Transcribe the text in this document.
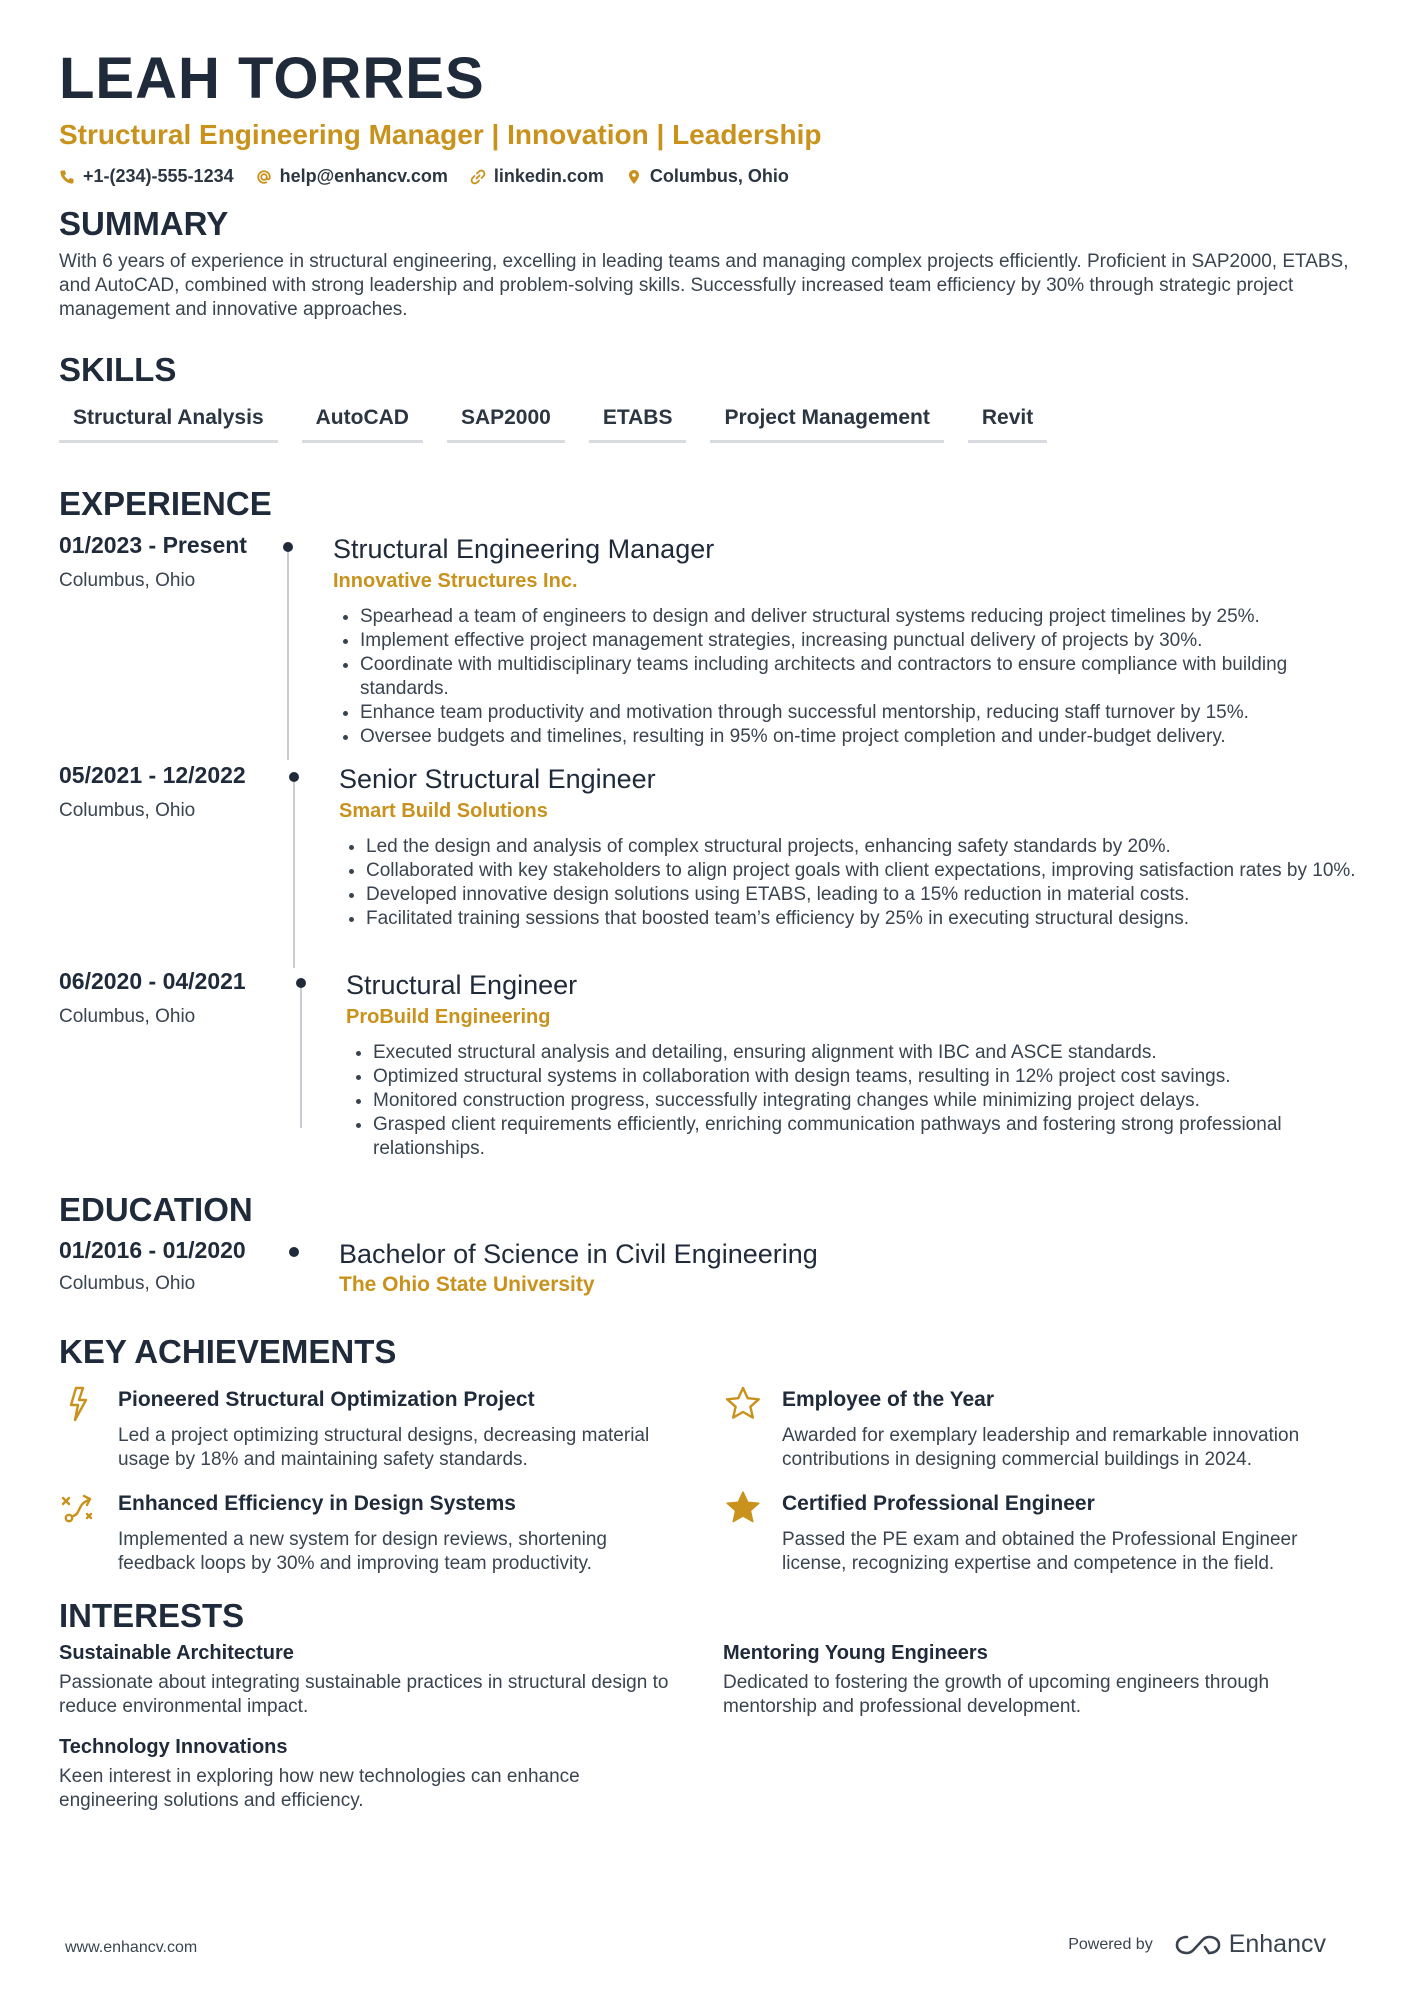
LEAH TORRES
Structural Engineering Manager | Innovation | Leadership
+1-(234)-555-1234	help@enhancv.com	linkedin.com	Columbus, Ohio
SUMMARY
With 6 years of experience in structural engineering, excelling in leading teams and managing complex projects efficiently. Proficient in SAP2000, ETABS, and AutoCAD, combined with strong leadership and problem-solving skills. Successfully increased team efficiency by 30% through strategic project management and innovative approaches.
SKILLS
Structural Analysis	AutoCAD	SAP2000	ETABS	Project Management	Revit
EXPERIENCE
01/2023 - Present
Columbus, Ohio
Structural Engineering Manager
Innovative Structures Inc.
• Spearhead a team of engineers to design and deliver structural systems reducing project timelines by 25%.
• Implement effective project management strategies, increasing punctual delivery of projects by 30%.
• Coordinate with multidisciplinary teams including architects and contractors to ensure compliance with building standards.
• Enhance team productivity and motivation through successful mentorship, reducing staff turnover by 15%.
• Oversee budgets and timelines, resulting in 95% on-time project completion and under-budget delivery.
05/2021 - 12/2022
Columbus, Ohio
Senior Structural Engineer
Smart Build Solutions
• Led the design and analysis of complex structural projects, enhancing safety standards by 20%.
• Collaborated with key stakeholders to align project goals with client expectations, improving satisfaction rates by 10%.
• Developed innovative design solutions using ETABS, leading to a 15% reduction in material costs.
• Facilitated training sessions that boosted team’s efficiency by 25% in executing structural designs.
06/2020 - 04/2021
Columbus, Ohio
Structural Engineer
ProBuild Engineering
• Executed structural analysis and detailing, ensuring alignment with IBC and ASCE standards.
• Optimized structural systems in collaboration with design teams, resulting in 12% project cost savings.
• Monitored construction progress, successfully integrating changes while minimizing project delays.
• Grasped client requirements efficiently, enriching communication pathways and fostering strong professional relationships.
EDUCATION
01/2016 - 01/2020
Columbus, Ohio
Bachelor of Science in Civil Engineering
The Ohio State University
KEY ACHIEVEMENTS
Pioneered Structural Optimization Project
Led a project optimizing structural designs, decreasing material usage by 18% and maintaining safety standards.
Employee of the Year
Awarded for exemplary leadership and remarkable innovation contributions in designing commercial buildings in 2024.
Enhanced Efficiency in Design Systems
Implemented a new system for design reviews, shortening feedback loops by 30% and improving team productivity.
Certified Professional Engineer
Passed the PE exam and obtained the Professional Engineer license, recognizing expertise and competence in the field.
INTERESTS
Sustainable Architecture
Passionate about integrating sustainable practices in structural design to reduce environmental impact.
Mentoring Young Engineers
Dedicated to fostering the growth of upcoming engineers through mentorship and professional development.
Technology Innovations
Keen interest in exploring how new technologies can enhance engineering solutions and efficiency.
www.enhancv.com	Powered by	Enhancv
